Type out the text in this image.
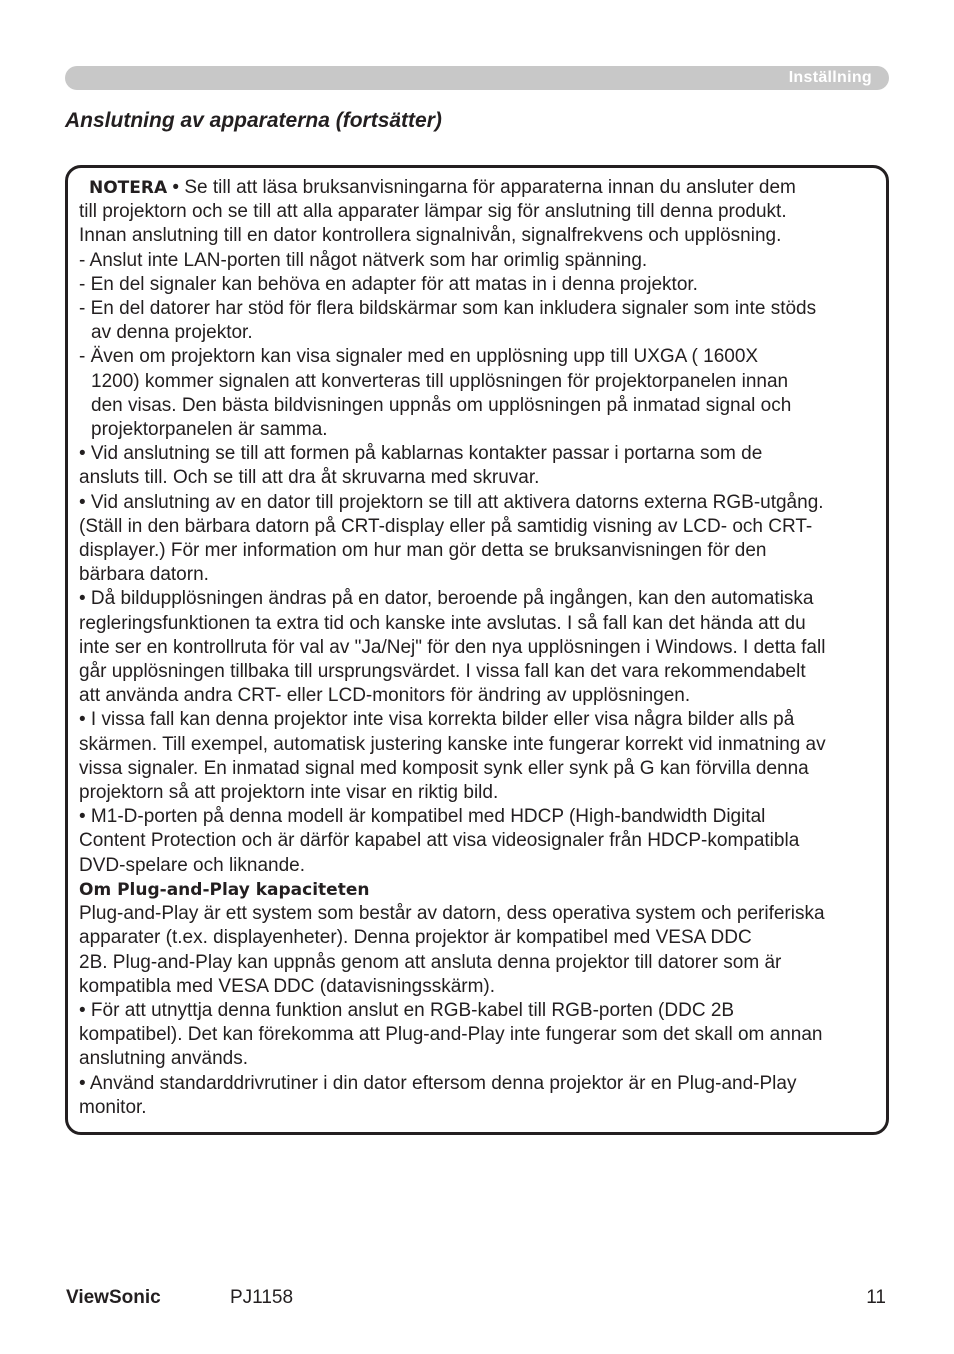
Inställning
Anslutning av apparaterna (fortsätter)

NOTERA • Se till att läsa bruksanvisningarna för apparaterna innan du ansluter dem

till projektorn och se till att alla apparater lämpar sig för anslutning till denna produkt.

Innan anslutning till en dator kontrollera signalnivån, signalfrekvens och upplösning.

- Anslut inte LAN-porten till något nätverk som har orimlig spänning.

- En del signaler kan behöva en adapter för att matas in i denna projektor.

- En del datorer har stöd för flera bildskärmar som kan inkludera signaler som inte stöds

av denna projektor.

- Även om projektorn kan visa signaler med en upplösning upp till UXGA ( 1600X

1200) kommer signalen att konverteras till upplösningen för projektorpanelen innan

den visas. Den bästa bildvisningen uppnås om upplösningen på inmatad signal och

projektorpanelen är samma.

• Vid anslutning se till att formen på kablarnas kontakter passar i portarna som de

ansluts till. Och se till att dra åt skruvarna med skruvar.

• Vid anslutning av en dator till projektorn se till att aktivera datorns externa RGB-utgång.

(Ställ in den bärbara datorn på CRT-display eller på samtidig visning av LCD- och CRT-

displayer.) För mer information om hur man gör detta se bruksanvisningen för den

bärbara datorn.

• Då bildupplösningen ändras på en dator, beroende på ingången, kan den automatiska

regleringsfunktionen ta extra tid och kanske inte avslutas. I så fall kan det hända att du

inte ser en kontrollruta för val av "Ja/Nej" för den nya upplösningen i Windows. I detta fall

går upplösningen tillbaka till ursprungsvärdet. I vissa fall kan det vara rekommendabelt

att använda andra CRT- eller LCD-monitors för ändring av upplösningen.

• I vissa fall kan denna projektor inte visa korrekta bilder eller visa några bilder alls på

skärmen. Till exempel, automatisk justering kanske inte fungerar korrekt vid inmatning av

vissa signaler. En inmatad signal med komposit synk eller synk på G kan förvilla denna

projektorn så att projektorn inte visar en riktig bild.

• M1-D-porten på denna modell är kompatibel med HDCP (High-bandwidth Digital

Content Protection och är därför kapabel att visa videosignaler från HDCP-kompatibla

DVD-spelare och liknande.

Om Plug-and-Play kapaciteten

Plug-and-Play är ett system som består av datorn, dess operativa system och periferiska

apparater (t.ex. displayenheter). Denna projektor är kompatibel med VESA DDC

2B. Plug-and-Play kan uppnås genom att ansluta denna projektor till datorer som är

kompatibla med VESA DDC (datavisningsskärm).

• För att utnyttja denna funktion anslut en RGB-kabel till RGB-porten (DDC 2B

kompatibel). Det kan förekomma att Plug-and-Play inte fungerar som det skall om annan

anslutning används.

• Använd standarddrivrutiner i din dator eftersom denna projektor är en Plug-and-Play

monitor.

ViewSonic	PJ1158	11
